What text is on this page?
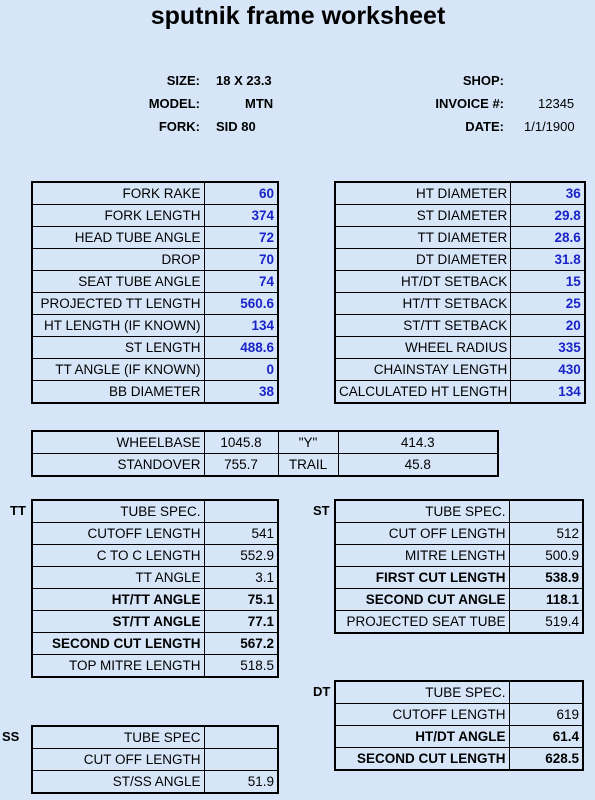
sputnik frame worksheet
SIZE: 18 X 23.3
MODEL:	MTN
FORK: SID 80
SHOP:
INVOICE #:	12345
DATE: 1/1/1900
FORK RAKE	60
FORK LENGTH	374
HEAD TUBE ANGLE	72
DROP	70
SEAT TUBE ANGLE	74
PROJECTED TT LENGTH	560.6
HT LENGTH (IF KNOWN)	134
ST LENGTH	488.6
TT ANGLE (IF KNOWN)	0
BB DIAMETER	38
HT DIAMETER	36
ST DIAMETER	29.8
TT DIAMETER	28.6
DT DIAMETER	31.8
HT/DT SETBACK	15
HT/TT SETBACK	25
ST/TT SETBACK	20
WHEEL RADIUS	335
CHAINSTAY LENGTH	430
CALCULATED HT LENGTH	134
WHEELBASE	1045.8	"Y"	414.3
STANDOVER	755.7	TRAIL	45.8
TT	TUBE SPEC.	
CUTOFF LENGTH	541
C TO C LENGTH	552.9
TT ANGLE	3.1
HT/TT ANGLE	75.1
ST/TT ANGLE	77.1
SECOND CUT LENGTH	567.2
TOP MITRE LENGTH	518.5
ST	TUBE SPEC.	
CUT OFF LENGTH	512
MITRE LENGTH	500.9
FIRST CUT LENGTH	538.9
SECOND CUT ANGLE	118.1
PROJECTED SEAT TUBE	519.4
DT	TUBE SPEC.	
CUTOFF LENGTH	619
HT/DT ANGLE	61.4
SECOND CUT LENGTH	628.5
SS	TUBE SPEC	
CUT OFF LENGTH	
ST/SS ANGLE	51.9
